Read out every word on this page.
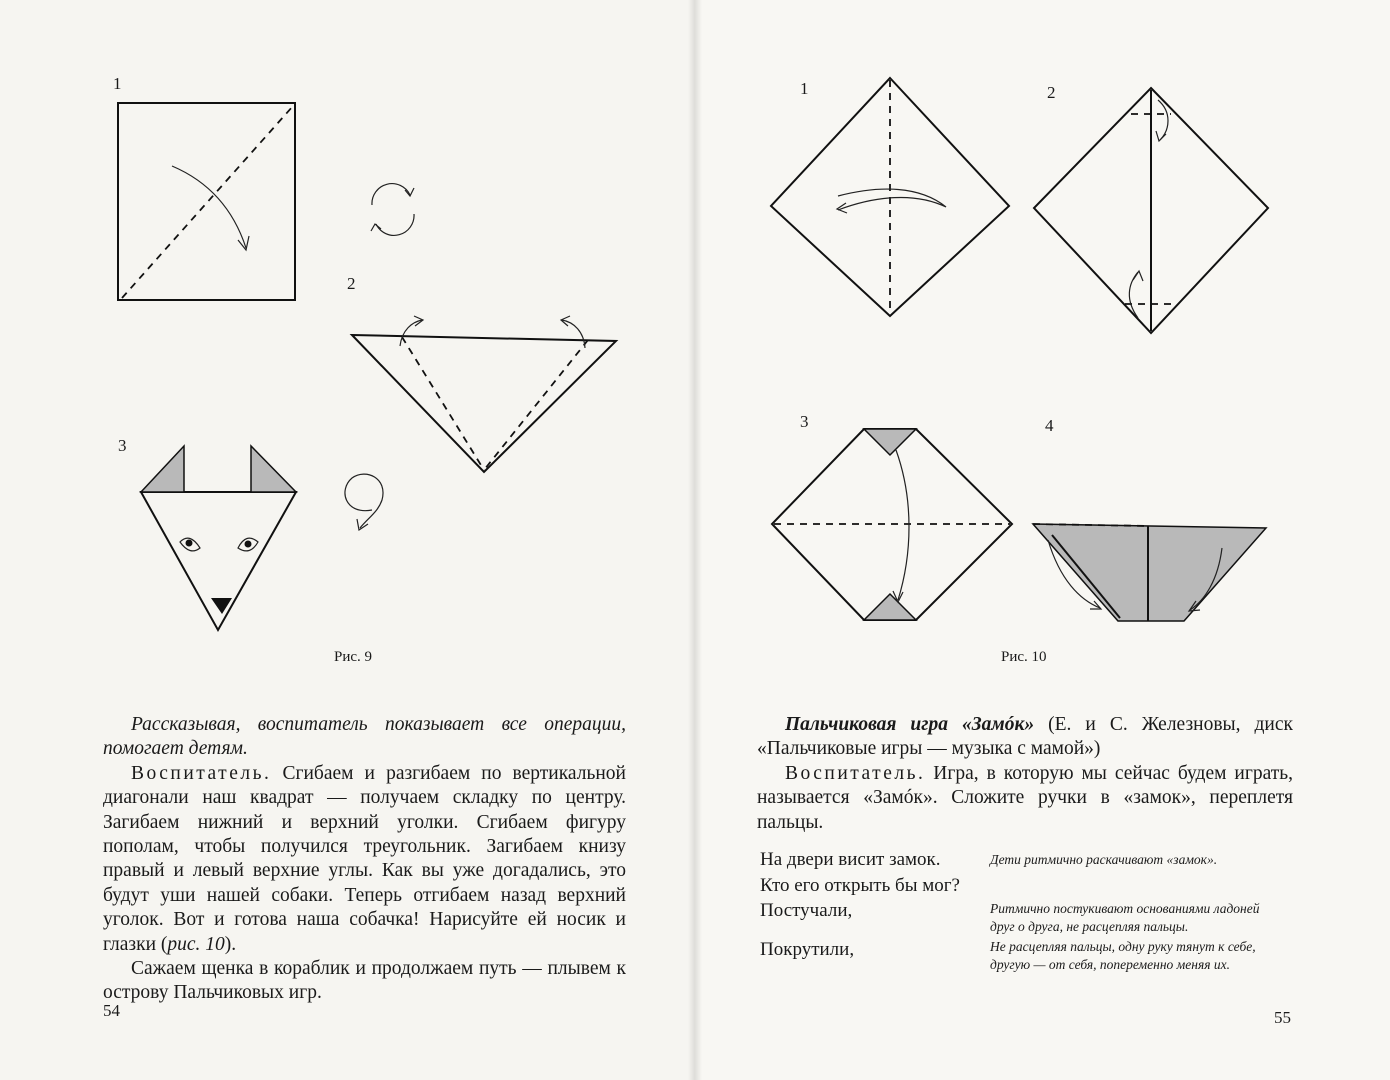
1
2
3
Рис. 9
1	2
3	4
Рис. 10

Рассказывая, воспитатель показывает все операции, помогает детям.

Воспитатель. Сгибаем и разгибаем по вертикальной диагонали наш квадрат — получаем складку по центру. Загибаем нижний и верхний уголки. Сгибаем фигуру пополам, чтобы получился треугольник. Загибаем книзу правый и левый верхние углы. Как вы уже догадались, это будут уши нашей собаки. Теперь отгибаем назад верхний уголок. Вот и готова наша собачка! Нарисуйте ей носик и глазки (рис. 10).

Сажаем щенка в кораблик и продолжаем путь — плывем к острову Пальчиковых игр.

54

Пальчиковая игра «Замóк» (Е. и С. Железновы, диск «Пальчиковые игры — музыка с мамой»)

Воспитатель. Игра, в которую мы сейчас будем играть, называется «Замóк». Сложите ручки в «замок», переплетя пальцы.

На двери висит замок.
Кто его открыть бы мог?
Постучали,
Покрутили,
Дети ритмично раскачивают «замок».
Ритмично постукивают основаниями ладоней друг о друга, не расцепляя пальцы.
Не расцепляя пальцы, одну руку тянут к себе, другую — от себя, попеременно меняя их.
55
